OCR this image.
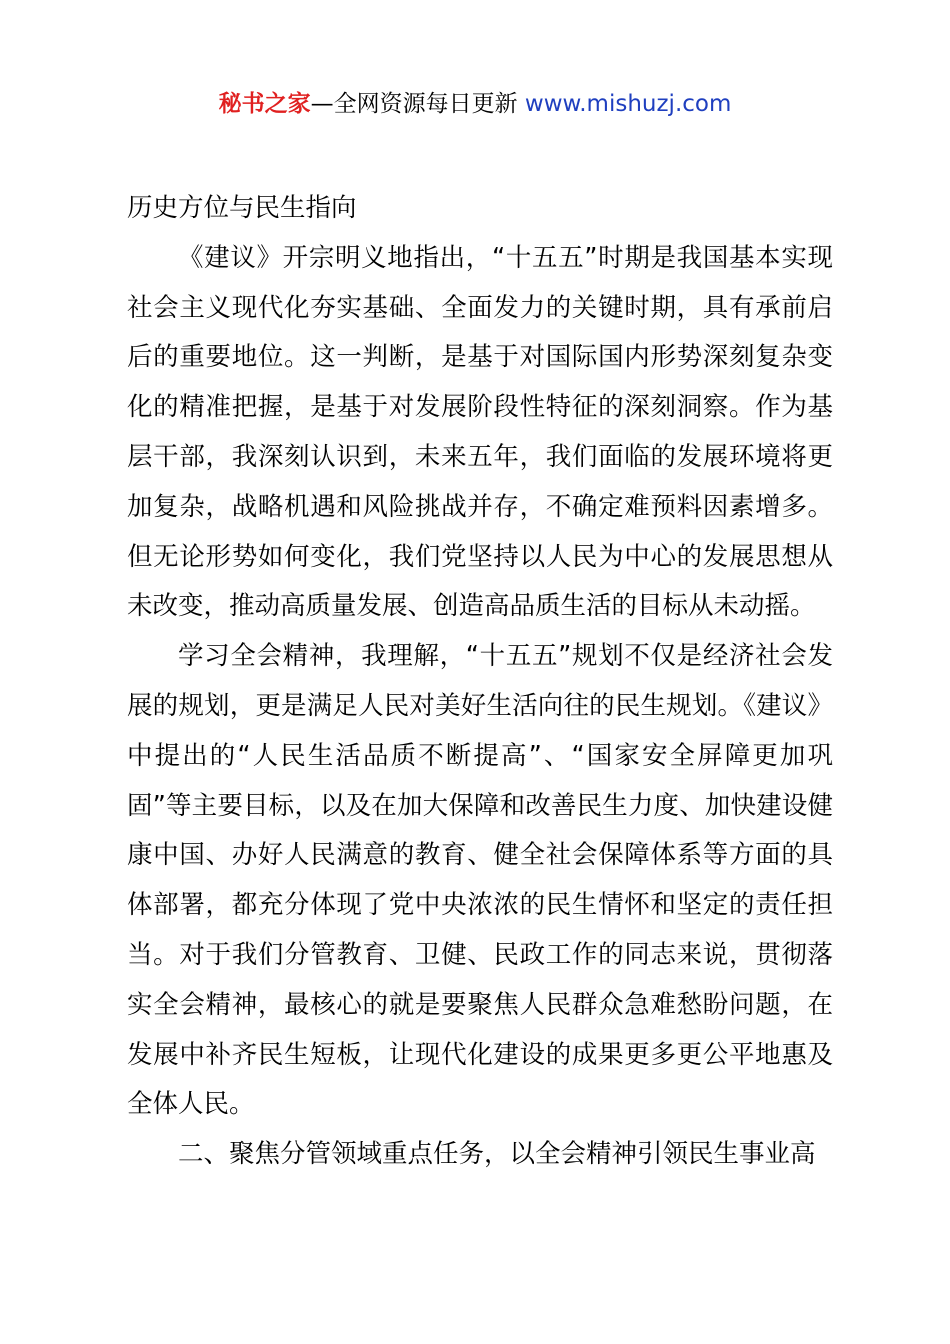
秘书之家—全网资源每日更新 www.mishuzj.com

历史方位与民生指向

《建议》开宗明义地指出，“十五五”时期是我国基本实现社会主义现代化夯实基础、全面发力的关键时期，具有承前启后的重要地位。这一判断，是基于对国际国内形势深刻复杂变化的精准把握，是基于对发展阶段性特征的深刻洞察。作为基层干部，我深刻认识到，未来五年，我们面临的发展环境将更加复杂，战略机遇和风险挑战并存，不确定难预料因素增多。但无论形势如何变化，我们党坚持以人民为中心的发展思想从未改变，推动高质量发展、创造高品质生活的目标从未动摇。

学习全会精神，我理解，“十五五”规划不仅是经济社会发展的规划，更是满足人民对美好生活向往的民生规划。《建议》中提出的“人民生活品质不断提高”、“国家安全屏障更加巩固”等主要目标，以及在加大保障和改善民生力度、加快建设健康中国、办好人民满意的教育、健全社会保障体系等方面的具体部署，都充分体现了党中央浓浓的民生情怀和坚定的责任担当。对于我们分管教育、卫健、民政工作的同志来说，贯彻落实全会精神，最核心的就是要聚焦人民群众急难愁盼问题，在发展中补齐民生短板，让现代化建设的成果更多更公平地惠及全体人民。

二、聚焦分管领域重点任务，以全会精神引领民生事业高
